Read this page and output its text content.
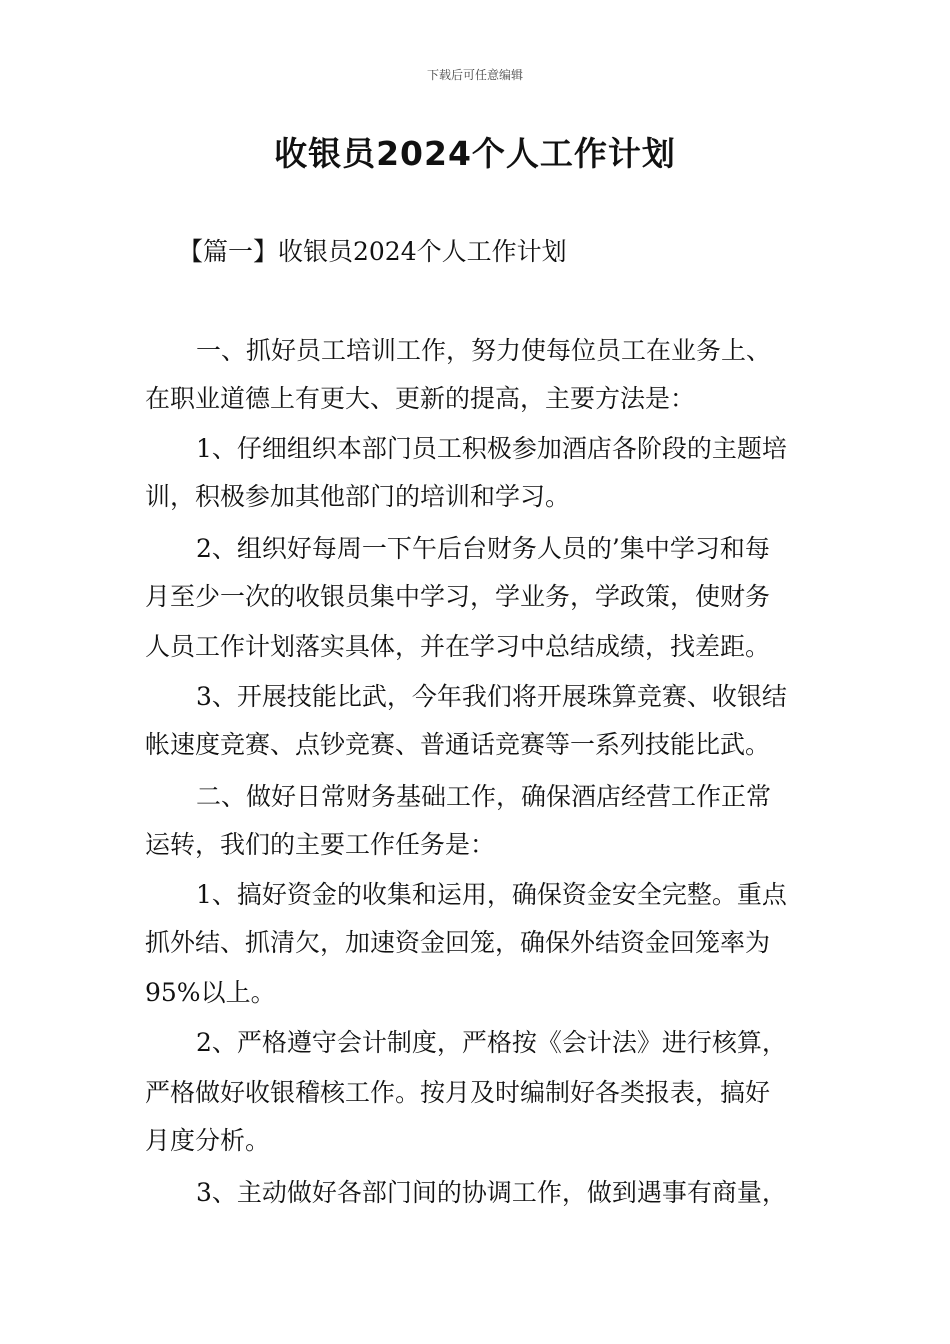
下载后可任意编辑
收银员2024个人工作计划
【篇一】收银员2024个人工作计划
一、抓好员工培训工作，努力使每位员工在业务上、
在职业道德上有更大、更新的提高，主要方法是：
1、仔细组织本部门员工积极参加酒店各阶段的主题培
训，积极参加其他部门的培训和学习。
2、组织好每周一下午后台财务人员的’集中学习和每
月至少一次的收银员集中学习，学业务，学政策，使财务
人员工作计划落实具体，并在学习中总结成绩，找差距。
3、开展技能比武，今年我们将开展珠算竞赛、收银结
帐速度竞赛、点钞竞赛、普通话竞赛等一系列技能比武。
二、做好日常财务基础工作，确保酒店经营工作正常
运转，我们的主要工作任务是：
1、搞好资金的收集和运用，确保资金安全完整。重点
抓外结、抓清欠，加速资金回笼，确保外结资金回笼率为
95%以上。
2、严格遵守会计制度，严格按《会计法》进行核算，
严格做好收银稽核工作。按月及时编制好各类报表，搞好
月度分析。
3、主动做好各部门间的协调工作，做到遇事有商量，
